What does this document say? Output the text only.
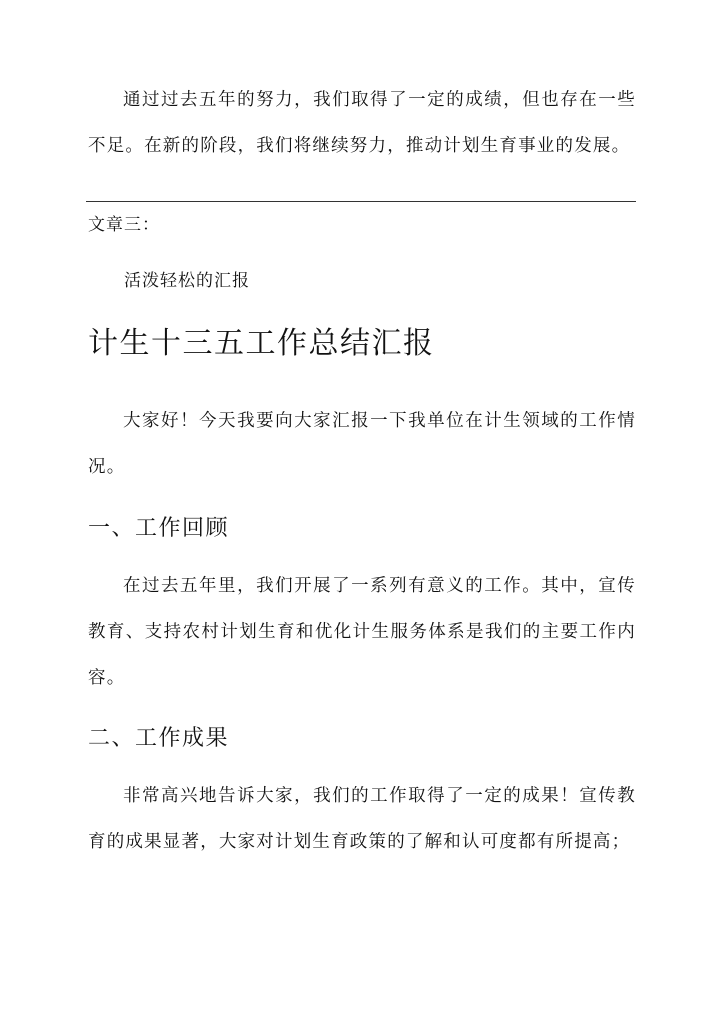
通过过去五年的努力，我们取得了一定的成绩，但也存在一些不足。在新的阶段，我们将继续努力，推动计划生育事业的发展。

文章三：

活泼轻松的汇报

计生十三五工作总结汇报

大家好！今天我要向大家汇报一下我单位在计生领域的工作情况。

一、工作回顾

在过去五年里，我们开展了一系列有意义的工作。其中，宣传教育、支持农村计划生育和优化计生服务体系是我们的主要工作内容。

二、工作成果

非常高兴地告诉大家，我们的工作取得了一定的成果！宣传教育的成果显著，大家对计划生育政策的了解和认可度都有所提高；
